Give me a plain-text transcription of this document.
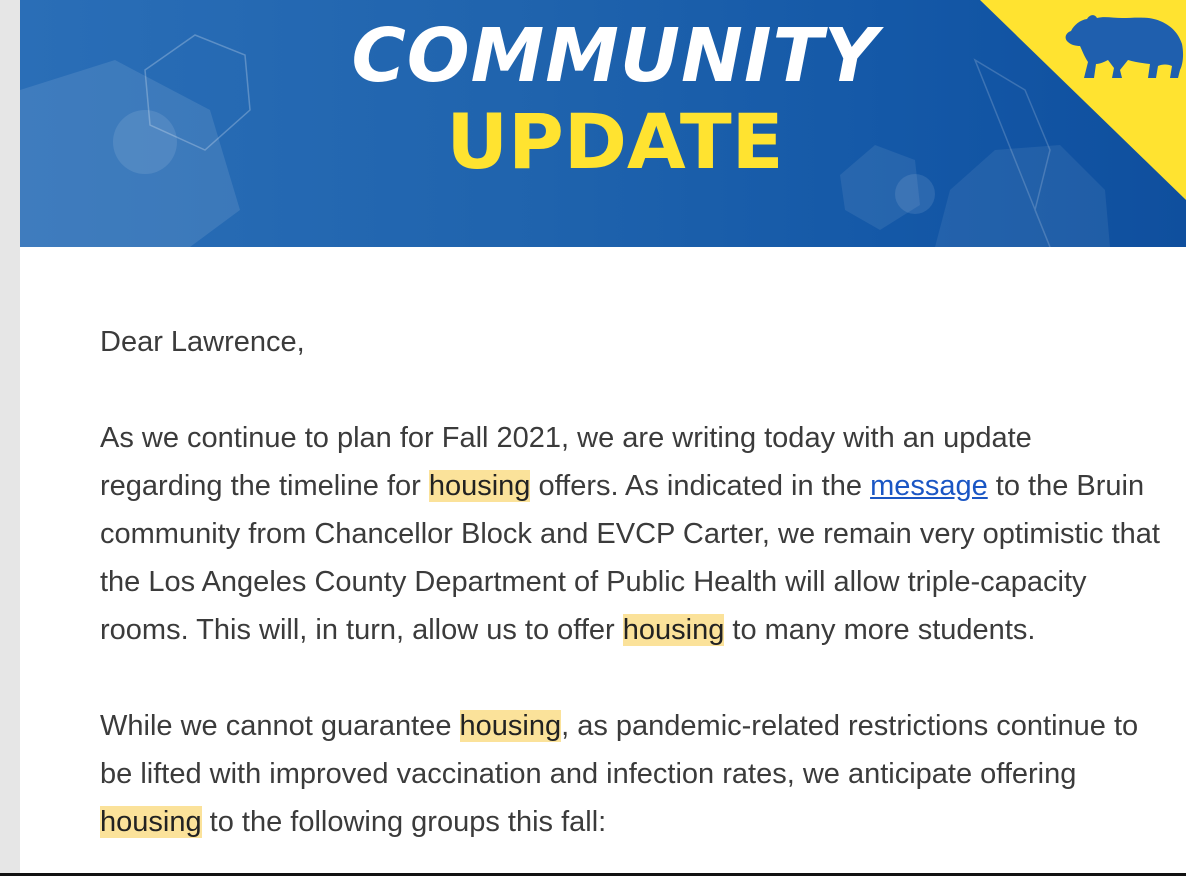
COMMUNITY
UPDATE

Dear Lawrence,

As we continue to plan for Fall 2021, we are writing today with an update regarding the timeline for housing offers. As indicated in the message to the Bruin community from Chancellor Block and EVCP Carter, we remain very optimistic that the Los Angeles County Department of Public Health will allow triple-capacity rooms. This will, in turn, allow us to offer housing to many more students.

While we cannot guarantee housing, as pandemic-related restrictions continue to be lifted with improved vaccination and infection rates, we anticipate offering housing to the following groups this fall:
